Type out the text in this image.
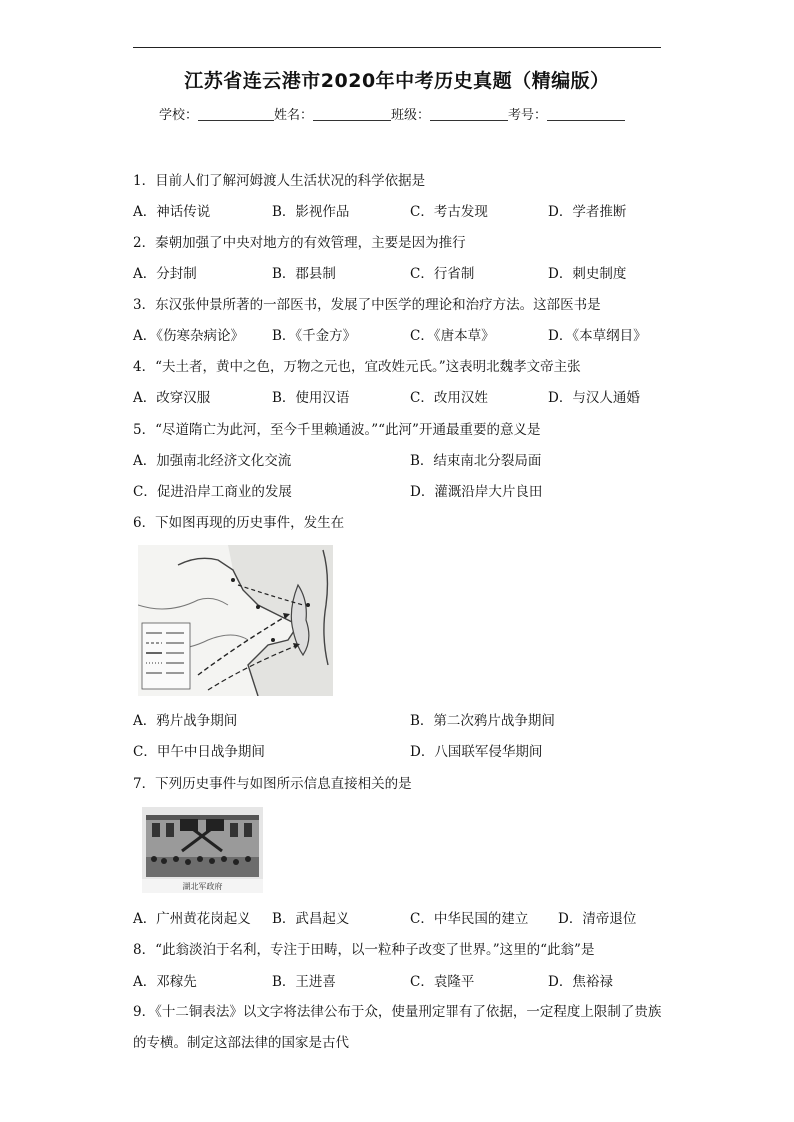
江苏省连云港市2020年中考历史真题（精编版）
学校：	姓名：	班级：	考号：
1．目前人们了解河姆渡人生活状况的科学依据是
A．神话传说	B．影视作品	C．考古发现	D．学者推断
2．秦朝加强了中央对地方的有效管理，主要是因为推行
A．分封制	B．郡县制	C．行省制	D．刺史制度
3．东汉张仲景所著的一部医书，发展了中医学的理论和治疗方法。这部医书是
A．《伤寒杂病论》 B．《千金方》	C．《唐本草》	D．《本草纲目》
4．“夫土者，黄中之色，万物之元也，宜改姓元氏。”这表明北魏孝文帝主张
A．改穿汉服	B．使用汉语	C．改用汉姓	D．与汉人通婚
5．“尽道隋亡为此河，至今千里赖通波。”“此河”开通最重要的意义是
A．加强南北经济文化交流	B．结束南北分裂局面
C．促进沿岸工商业的发展	D．灌溉沿岸大片良田
6．下如图再现的历史事件，发生在
A．鸦片战争期间	B．第二次鸦片战争期间
C．甲午中日战争期间	D．八国联军侵华期间
7．下列历史事件与如图所示信息直接相关的是
湖北军政府
A．广州黄花岗起义 B．武昌起义	C．中华民国的建立 D．清帝退位
8．“此翁淡泊于名利，专注于田畴，以一粒种子改变了世界。”这里的“此翁”是
A．邓稼先	B．王进喜	C．袁隆平	D．焦裕禄
9．《十二铜表法》以文字将法律公布于众，使量刑定罪有了依据，一定程度上限制了贵族的专横。制定这部法律的国家是古代
